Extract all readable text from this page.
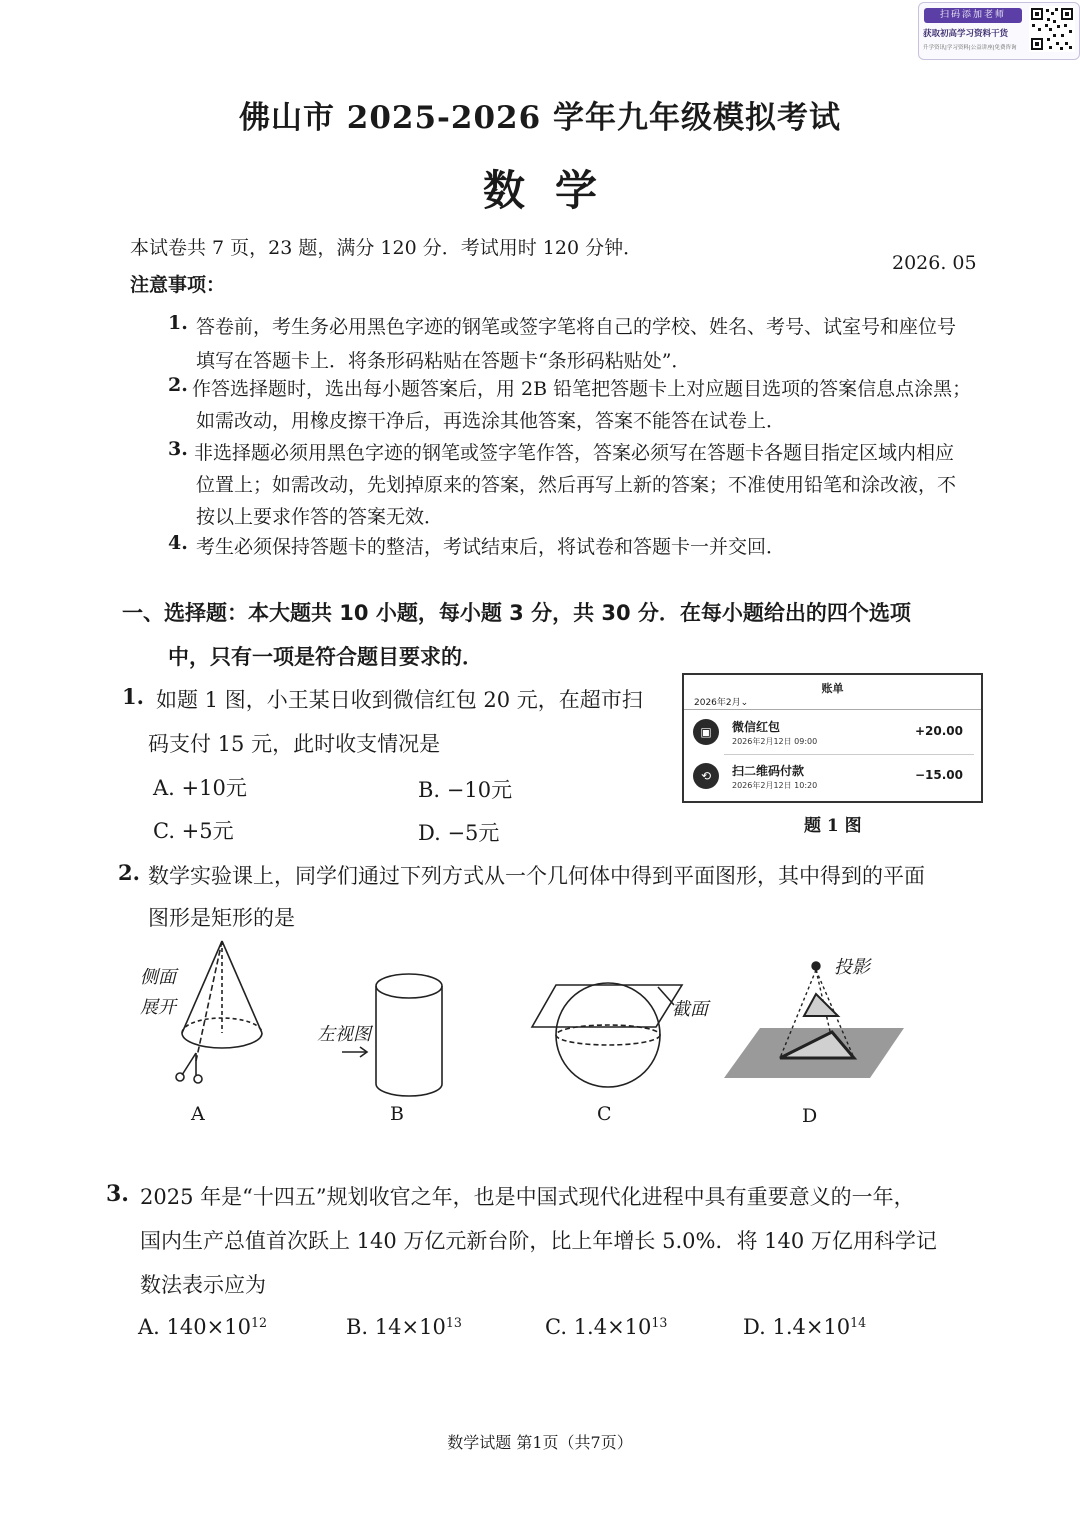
扫码添加老师
获取初高学习资料干货
升学资讯|学习资料|公益讲座|免费咨询
佛山市 2025-2026 学年九年级模拟考试
数学
本试卷共 7 页，23 题，满分 120 分．考试用时 120 分钟．
2026. 05
注意事项：
1. 答卷前，考生务必用黑色字迹的钢笔或签字笔将自己的学校、姓名、考号、试室号和座位号
填写在答题卡上．将条形码粘贴在答题卡“条形码粘贴处”．
2. 作答选择题时，选出每小题答案后，用 2B 铅笔把答题卡上对应题目选项的答案信息点涂黑；
如需改动，用橡皮擦干净后，再选涂其他答案，答案不能答在试卷上．
3. 非选择题必须用黑色字迹的钢笔或签字笔作答，答案必须写在答题卡各题目指定区域内相应
位置上；如需改动，先划掉原来的答案，然后再写上新的答案；不准使用铅笔和涂改液，不
按以上要求作答的答案无效．
4. 考生必须保持答题卡的整洁，考试结束后，将试卷和答题卡一并交回．
一、选择题：本大题共 10 小题，每小题 3 分，共 30 分．在每小题给出的四个选项
中，只有一项是符合题目要求的．
1. 如题 1 图，小王某日收到微信红包 20 元，在超市扫
码支付 15 元，此时收支情况是
A. +10元	B. −10元
C. +5元	D. −5元
账单
2026年2月⌄
▣	微信红包
2026年2月12日 09:00
+20.00
⟲	扫二维码付款
2026年2月12日 10:20
−15.00
题 1 图
2. 数学实验课上，同学们通过下列方式从一个几何体中得到平面图形，其中得到的平面
图形是矩形的是
侧面
展开
左视图
截面
投影
A	B	C	D
3. 2025 年是“十四五”规划收官之年，也是中国式现代化进程中具有重要意义的一年，
国内生产总值首次跃上 140 万亿元新台阶，比上年增长 5.0%．将 140 万亿用科学记
数法表示应为
A. $140\times 10^{12}$	B. $14\times 10^{13}$	C. $1.4\times 10^{13}$	D. $1.4\times 10^{14}$
数学试题 第1页（共7页）
